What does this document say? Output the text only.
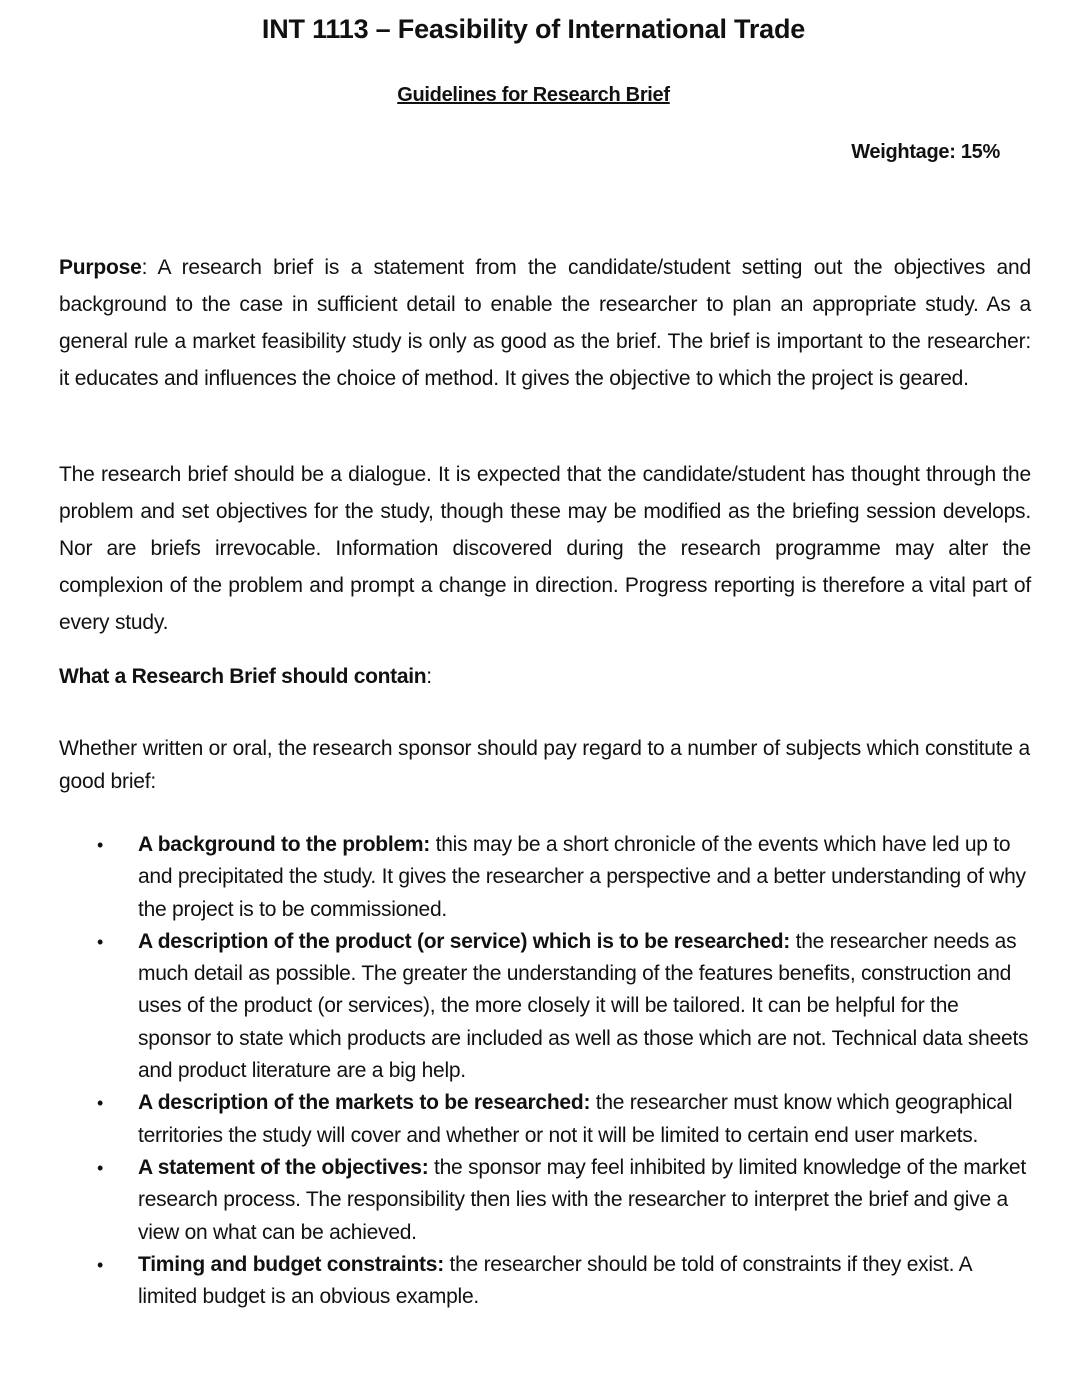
INT 1113 – Feasibility of International Trade
Guidelines for Research Brief
Weightage: 15%

Purpose: A research brief is a statement from the candidate/student setting out the objectives and background to the case in sufficient detail to enable the researcher to plan an appropriate study. As a general rule a market feasibility study is only as good as the brief. The brief is important to the researcher: it educates and influences the choice of method. It gives the objective to which the project is geared.

The research brief should be a dialogue. It is expected that the candidate/student has thought through the problem and set objectives for the study, though these may be modified as the briefing session develops. Nor are briefs irrevocable. Information discovered during the research programme may alter the complexion of the problem and prompt a change in direction. Progress reporting is therefore a vital part of every study.

What a Research Brief should contain:

Whether written or oral, the research sponsor should pay regard to a number of subjects which constitute a good brief:

• A background to the problem: this may be a short chronicle of the events which have led up to and precipitated the study. It gives the researcher a perspective and a better understanding of why the project is to be commissioned.
• A description of the product (or service) which is to be researched: the researcher needs as much detail as possible. The greater the understanding of the features benefits, construction and uses of the product (or services), the more closely it will be tailored. It can be helpful for the sponsor to state which products are included as well as those which are not. Technical data sheets and product literature are a big help.
• A description of the markets to be researched: the researcher must know which geographical territories the study will cover and whether or not it will be limited to certain end user markets.
• A statement of the objectives: the sponsor may feel inhibited by limited knowledge of the market research process. The responsibility then lies with the researcher to interpret the brief and give a view on what can be achieved.
• Timing and budget constraints: the researcher should be told of constraints if they exist. A limited budget is an obvious example.
